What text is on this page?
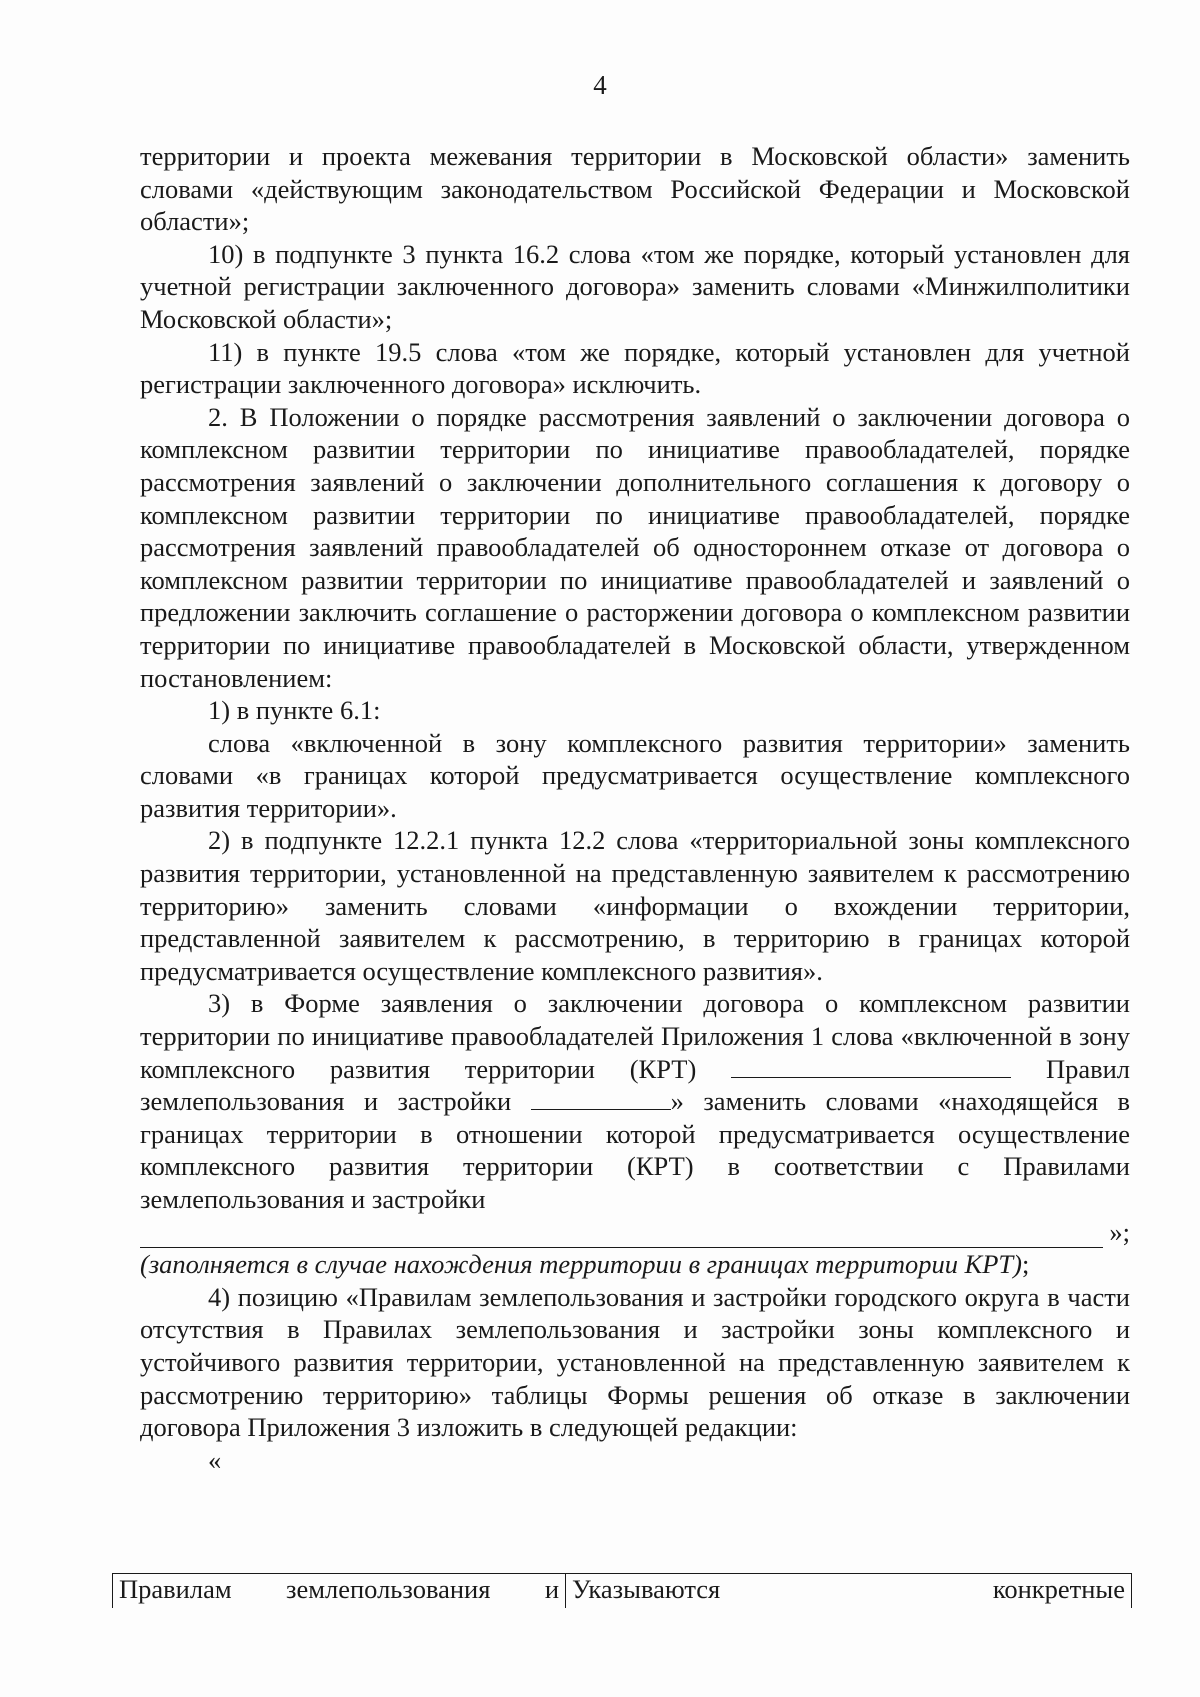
4

территории и проекта межевания территории в Московской области» заменить словами «действующим законодательством Российской Федерации и Московской области»;

10) в подпункте 3 пункта 16.2 слова «том же порядке, который установлен для учетной регистрации заключенного договора» заменить словами «Минжилполитики Московской области»;

11) в пункте 19.5 слова «том же порядке, который установлен для учетной регистрации заключенного договора» исключить.

2. В Положении о порядке рассмотрения заявлений о заключении договора о комплексном развитии территории по инициативе правообладателей, порядке рассмотрения заявлений о заключении дополнительного соглашения к договору о комплексном развитии территории по инициативе правообладателей, порядке рассмотрения заявлений правообладателей об одностороннем отказе от договора о комплексном развитии территории по инициативе правообладателей и заявлений о предложении заключить соглашение о расторжении договора о комплексном развитии территории по инициативе правообладателей в Московской области, утвержденном постановлением:

1) в пункте 6.1:

слова «включенной в зону комплексного развития территории» заменить словами «в границах которой предусматривается осуществление комплексного развития территории».

2) в подпункте 12.2.1 пункта 12.2 слова «территориальной зоны комплексного развития территории, установленной на представленную заявителем к рассмотрению территорию» заменить словами «информации о вхождении территории, представленной заявителем к рассмотрению, в территорию в границах которой предусматривается осуществление комплексного развития».

3) в Форме заявления о заключении договора о комплексном развитии территории по инициативе правообладателей Приложения 1 слова «включенной в зону комплексного развития территории (КРТ)	Правил землепользования и застройки	» заменить словами «находящейся в границах территории в отношении которой предусматривается осуществление комплексного развития территории (КРТ) в соответствии с Правилами землепользования и застройки

»;

(заполняется в случае нахождения территории в границах территории КРТ);

4) позицию «Правилам землепользования и застройки городского округа в части отсутствия в Правилах землепользования и застройки зоны комплексного и устойчивого развития территории, установленной на представленную заявителем к рассмотрению территорию» таблицы Формы решения об отказе в заключении договора Приложения 3 изложить в следующей редакции:

«

Правилам землепользования и	Указываются	конкретные
